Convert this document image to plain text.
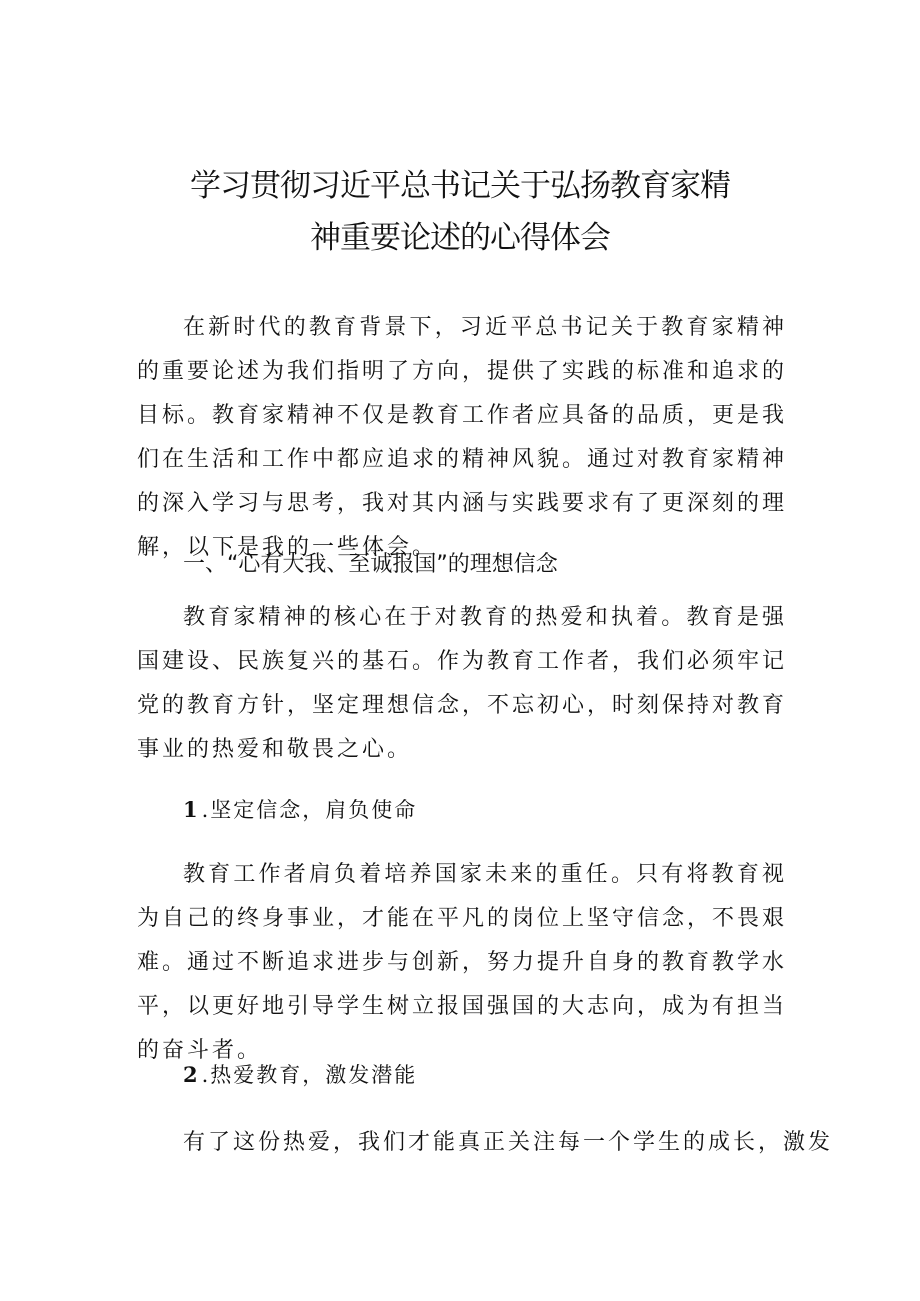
学习贯彻习近平总书记关于弘扬教育家精
神重要论述的心得体会

在新时代的教育背景下，习近平总书记关于教育家精神的重要论述为我们指明了方向，提供了实践的标准和追求的目标。教育家精神不仅是教育工作者应具备的品质，更是我们在生活和工作中都应追求的精神风貌。通过对教育家精神的深入学习与思考，我对其内涵与实践要求有了更深刻的理解，以下是我的一些体会。

一、“心有大我、至诚报国”的理想信念

教育家精神的核心在于对教育的热爱和执着。教育是强国建设、民族复兴的基石。作为教育工作者，我们必须牢记党的教育方针，坚定理想信念，不忘初心，时刻保持对教育事业的热爱和敬畏之心。

1 .坚定信念，肩负使命

教育工作者肩负着培养国家未来的重任。只有将教育视为自己的终身事业，才能在平凡的岗位上坚守信念，不畏艰难。通过不断追求进步与创新，努力提升自身的教育教学水平，以更好地引导学生树立报国强国的大志向，成为有担当的奋斗者。

2 .热爱教育，激发潜能

有了这份热爱，我们才能真正关注每一个学生的成长，激发
